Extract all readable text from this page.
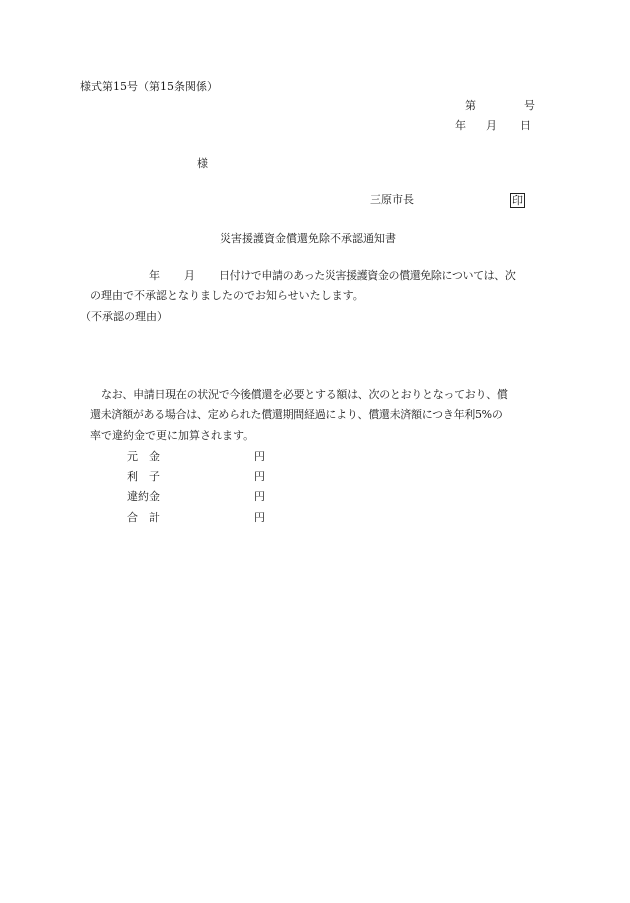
様式第15号（第15条関係）
第	号
年 月 日
様
三原市長	印
災害援護資金償還免除不承認通知書
年 月 日付けで申請のあった災害援護資金の償還免除については、次
の理由で不承認となりましたのでお知らせいたします。
（不承認の理由）
なお、申請日現在の状況で今後償還を必要とする額は、次のとおりとなっており、償
還未済額がある場合は、定められた償還期間経過により、償還未済額につき年利5%の
率で違約金で更に加算されます。
元　金	円
利　子	円
違約金	円
合　計	円
